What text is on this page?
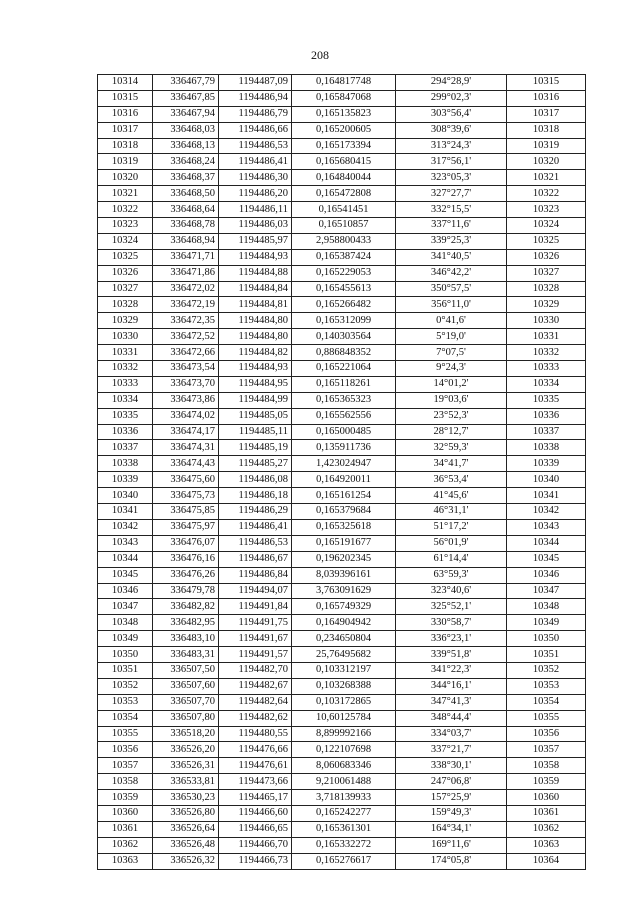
208
10314	336467,79	1194487,09	0,164817748	294°28,9'	10315
10315	336467,85	1194486,94	0,165847068	299°02,3'	10316
10316	336467,94	1194486,79	0,165135823	303°56,4'	10317
10317	336468,03	1194486,66	0,165200605	308°39,6'	10318
10318	336468,13	1194486,53	0,165173394	313°24,3'	10319
10319	336468,24	1194486,41	0,165680415	317°56,1'	10320
10320	336468,37	1194486,30	0,164840044	323°05,3'	10321
10321	336468,50	1194486,20	0,165472808	327°27,7'	10322
10322	336468,64	1194486,11	0,16541451	332°15,5'	10323
10323	336468,78	1194486,03	0,16510857	337°11,6'	10324
10324	336468,94	1194485,97	2,958800433	339°25,3'	10325
10325	336471,71	1194484,93	0,165387424	341°40,5'	10326
10326	336471,86	1194484,88	0,165229053	346°42,2'	10327
10327	336472,02	1194484,84	0,165455613	350°57,5'	10328
10328	336472,19	1194484,81	0,165266482	356°11,0'	10329
10329	336472,35	1194484,80	0,165312099	0°41,6'	10330
10330	336472,52	1194484,80	0,140303564	5°19,0'	10331
10331	336472,66	1194484,82	0,886848352	7°07,5'	10332
10332	336473,54	1194484,93	0,165221064	9°24,3'	10333
10333	336473,70	1194484,95	0,165118261	14°01,2'	10334
10334	336473,86	1194484,99	0,165365323	19°03,6'	10335
10335	336474,02	1194485,05	0,165562556	23°52,3'	10336
10336	336474,17	1194485,11	0,165000485	28°12,7'	10337
10337	336474,31	1194485,19	0,135911736	32°59,3'	10338
10338	336474,43	1194485,27	1,423024947	34°41,7'	10339
10339	336475,60	1194486,08	0,164920011	36°53,4'	10340
10340	336475,73	1194486,18	0,165161254	41°45,6'	10341
10341	336475,85	1194486,29	0,165379684	46°31,1'	10342
10342	336475,97	1194486,41	0,165325618	51°17,2'	10343
10343	336476,07	1194486,53	0,165191677	56°01,9'	10344
10344	336476,16	1194486,67	0,196202345	61°14,4'	10345
10345	336476,26	1194486,84	8,039396161	63°59,3'	10346
10346	336479,78	1194494,07	3,763091629	323°40,6'	10347
10347	336482,82	1194491,84	0,165749329	325°52,1'	10348
10348	336482,95	1194491,75	0,164904942	330°58,7'	10349
10349	336483,10	1194491,67	0,234650804	336°23,1'	10350
10350	336483,31	1194491,57	25,76495682	339°51,8'	10351
10351	336507,50	1194482,70	0,103312197	341°22,3'	10352
10352	336507,60	1194482,67	0,103268388	344°16,1'	10353
10353	336507,70	1194482,64	0,103172865	347°41,3'	10354
10354	336507,80	1194482,62	10,60125784	348°44,4'	10355
10355	336518,20	1194480,55	8,899992166	334°03,7'	10356
10356	336526,20	1194476,66	0,122107698	337°21,7'	10357
10357	336526,31	1194476,61	8,060683346	338°30,1'	10358
10358	336533,81	1194473,66	9,210061488	247°06,8'	10359
10359	336530,23	1194465,17	3,718139933	157°25,9'	10360
10360	336526,80	1194466,60	0,165242277	159°49,3'	10361
10361	336526,64	1194466,65	0,165361301	164°34,1'	10362
10362	336526,48	1194466,70	0,165332272	169°11,6'	10363
10363	336526,32	1194466,73	0,165276617	174°05,8'	10364
